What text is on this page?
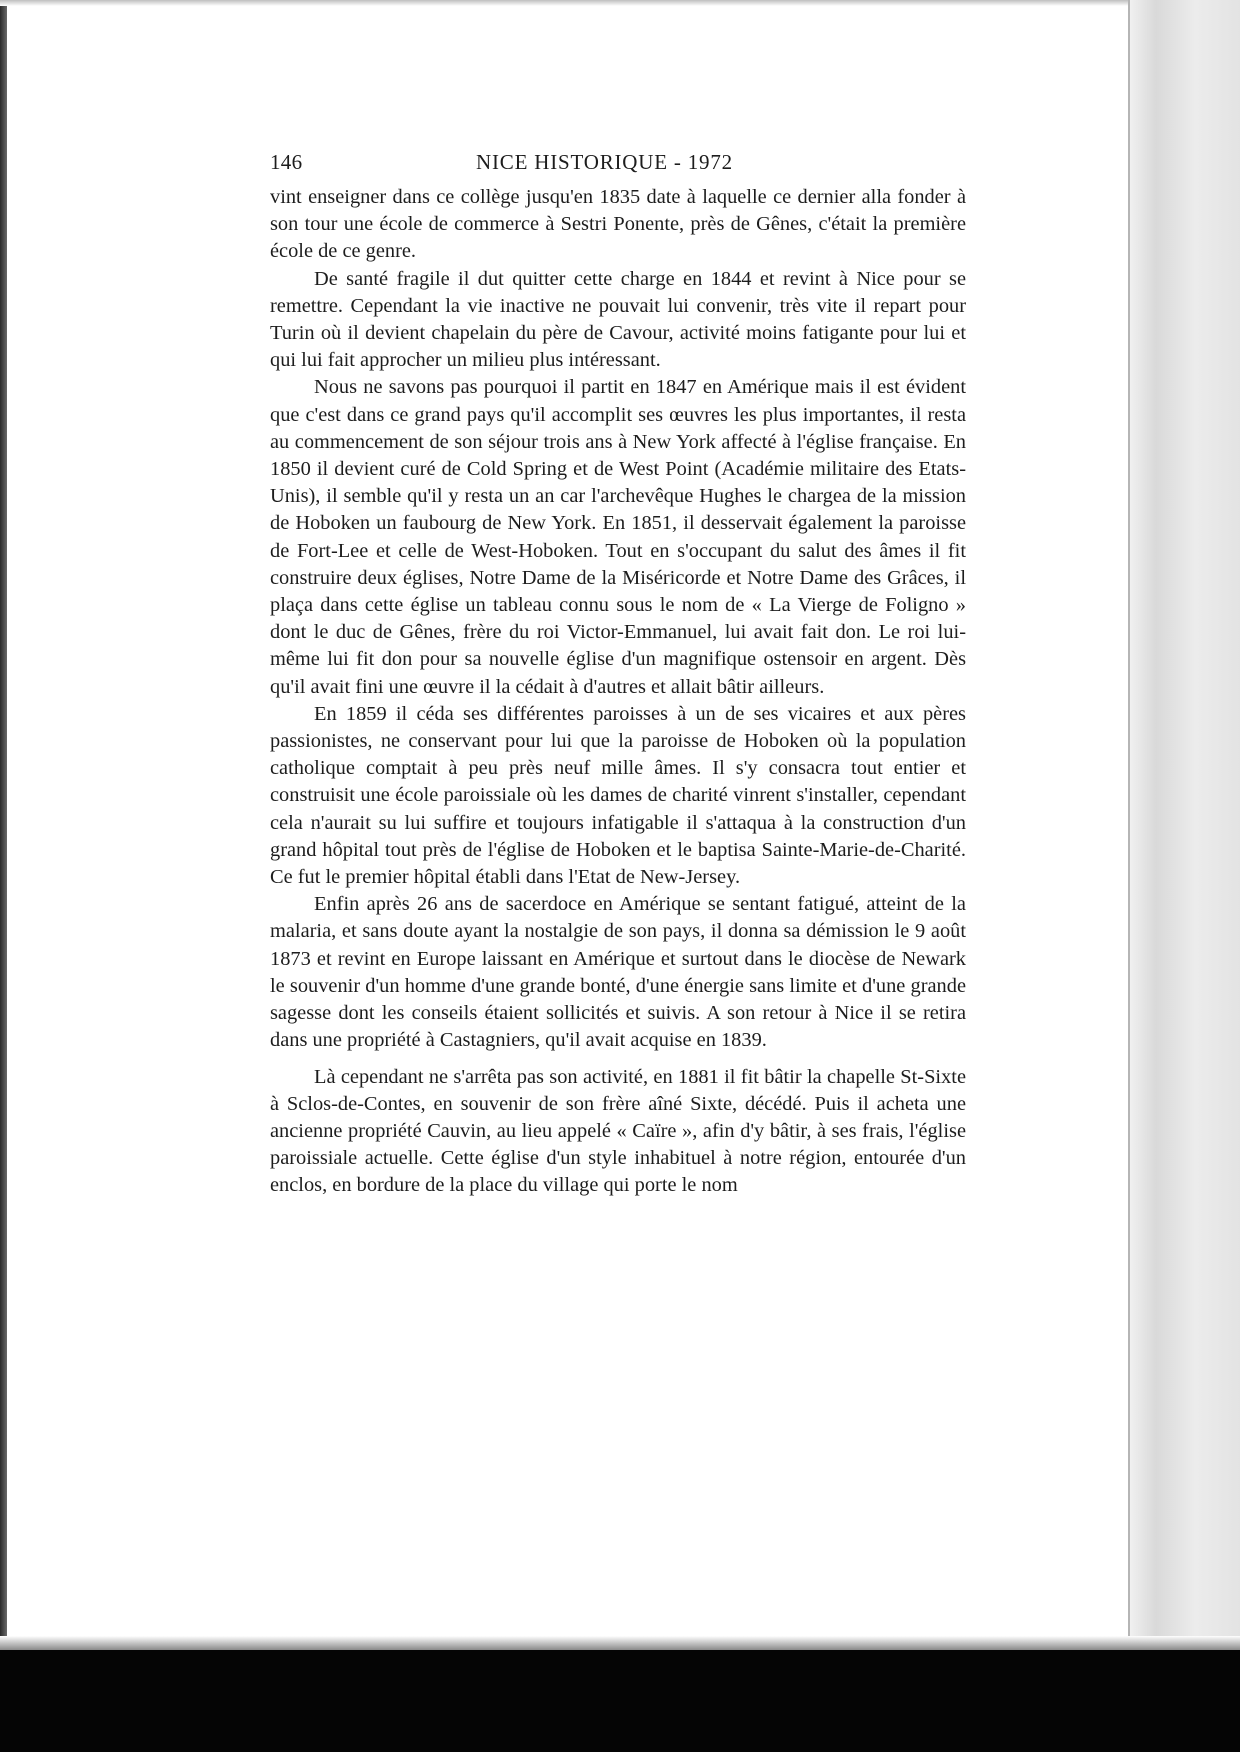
146	NICE HISTORIQUE - 1972

vint enseigner dans ce collège jusqu'en 1835 date à laquelle ce dernier alla fonder à son tour une école de commerce à Sestri Ponente, près de Gênes, c'était la première école de ce genre.

De santé fragile il dut quitter cette charge en 1844 et revint à Nice pour se remettre. Cependant la vie inactive ne pouvait lui convenir, très vite il repart pour Turin où il devient chapelain du père de Cavour, activité moins fatigante pour lui et qui lui fait approcher un milieu plus intéressant.

Nous ne savons pas pourquoi il partit en 1847 en Amérique mais il est évident que c'est dans ce grand pays qu'il accomplit ses œuvres les plus importantes, il resta au commencement de son séjour trois ans à New York affecté à l'église française. En 1850 il devient curé de Cold Spring et de West Point (Académie militaire des Etats-Unis), il semble qu'il y resta un an car l'archevêque Hughes le chargea de la mission de Hoboken un faubourg de New York. En 1851, il desservait également la paroisse de Fort-Lee et celle de West-Hoboken. Tout en s'occupant du salut des âmes il fit construire deux églises, Notre Dame de la Miséricorde et Notre Dame des Grâces, il plaça dans cette église un tableau connu sous le nom de « La Vierge de Foligno » dont le duc de Gênes, frère du roi Victor-Emmanuel, lui avait fait don. Le roi lui-même lui fit don pour sa nouvelle église d'un magnifique ostensoir en argent. Dès qu'il avait fini une œuvre il la cédait à d'autres et allait bâtir ailleurs.

En 1859 il céda ses différentes paroisses à un de ses vicaires et aux pères passionistes, ne conservant pour lui que la paroisse de Hoboken où la population catholique comptait à peu près neuf mille âmes. Il s'y consacra tout entier et construisit une école paroissiale où les dames de charité vinrent s'installer, cependant cela n'aurait su lui suffire et toujours infatigable il s'attaqua à la construction d'un grand hôpital tout près de l'église de Hoboken et le baptisa Sainte-Marie-de-Charité. Ce fut le premier hôpital établi dans l'Etat de New-Jersey.

Enfin après 26 ans de sacerdoce en Amérique se sentant fatigué, atteint de la malaria, et sans doute ayant la nostalgie de son pays, il donna sa démission le 9 août 1873 et revint en Europe laissant en Amérique et surtout dans le diocèse de Newark le souvenir d'un homme d'une grande bonté, d'une énergie sans limite et d'une grande sagesse dont les conseils étaient sollicités et suivis. A son retour à Nice il se retira dans une propriété à Castagniers, qu'il avait acquise en 1839.

Là cependant ne s'arrêta pas son activité, en 1881 il fit bâtir la chapelle St-Sixte à Sclos-de-Contes, en souvenir de son frère aîné Sixte, décédé. Puis il acheta une ancienne propriété Cauvin, au lieu appelé « Caïre », afin d'y bâtir, à ses frais, l'église paroissiale actuelle. Cette église d'un style inhabituel à notre région, entourée d'un enclos, en bordure de la place du village qui porte le nom
